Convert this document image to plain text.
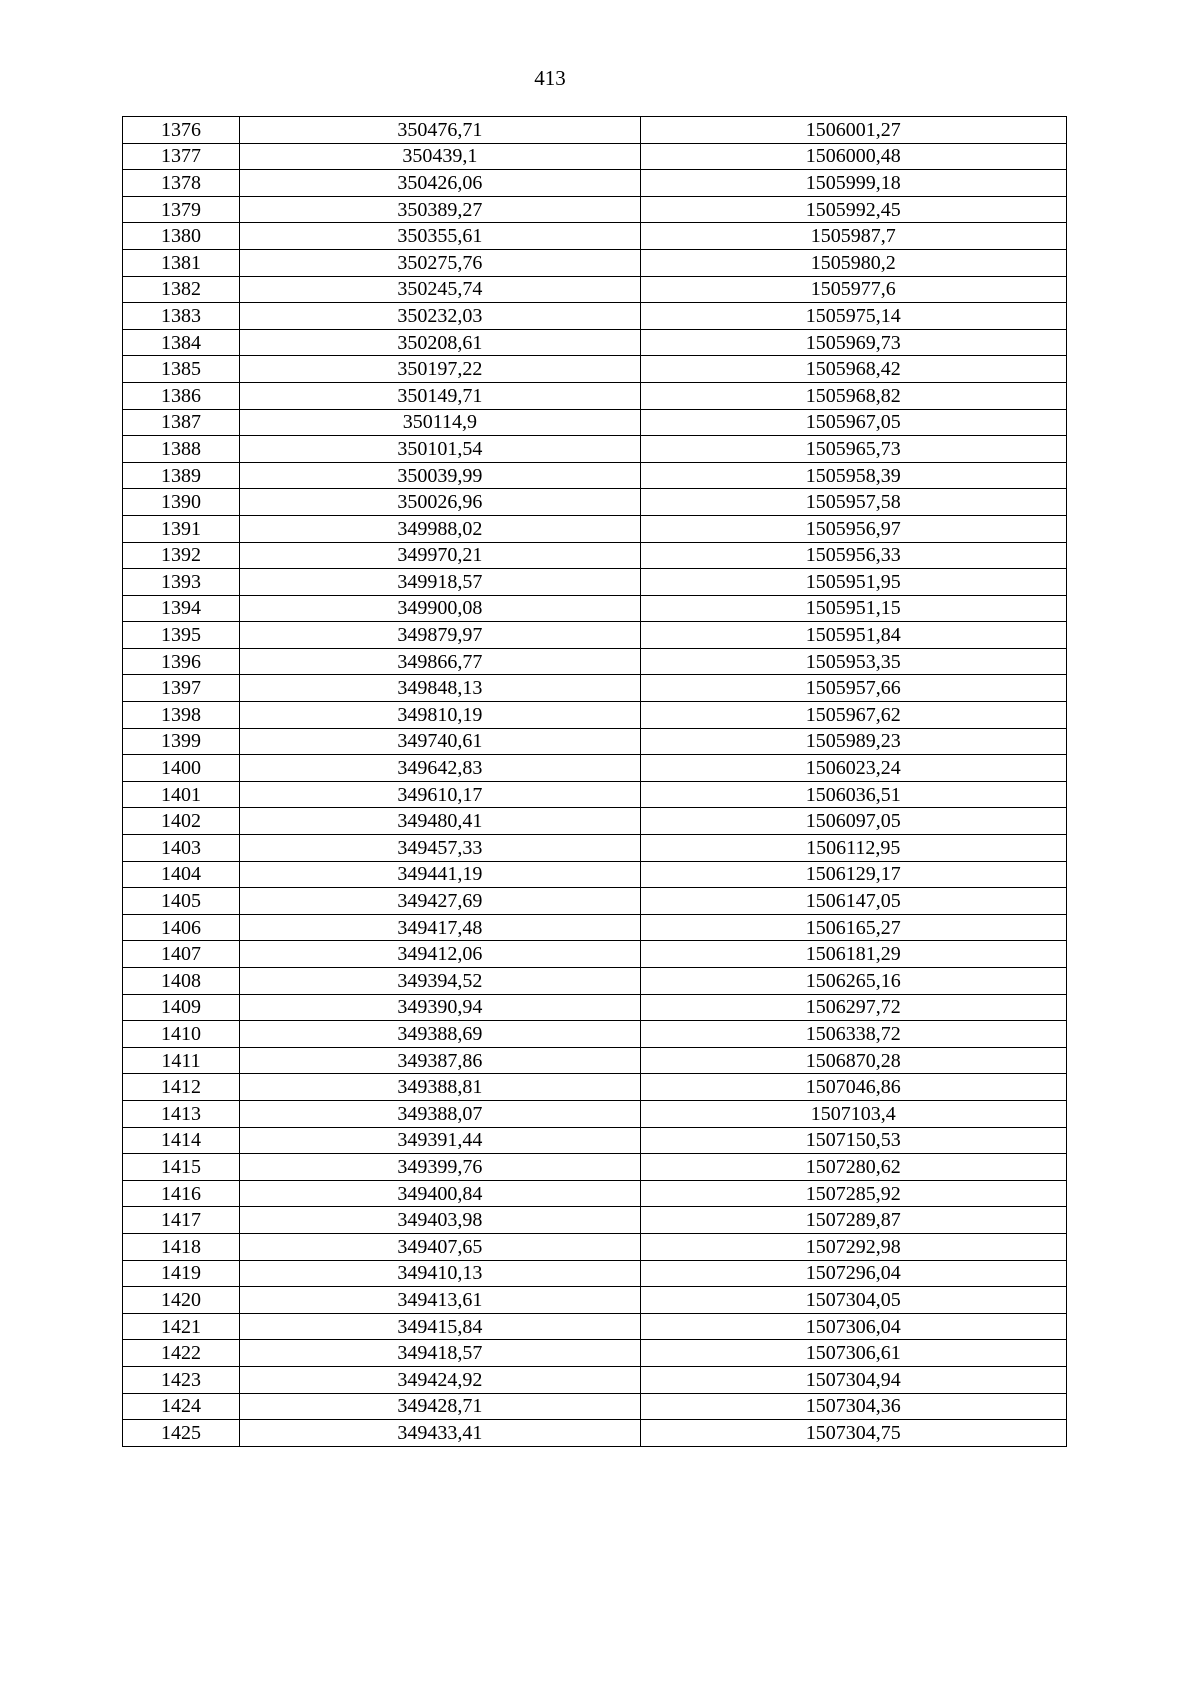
413
1376	350476,71	1506001,27
1377	350439,1	1506000,48
1378	350426,06	1505999,18
1379	350389,27	1505992,45
1380	350355,61	1505987,7
1381	350275,76	1505980,2
1382	350245,74	1505977,6
1383	350232,03	1505975,14
1384	350208,61	1505969,73
1385	350197,22	1505968,42
1386	350149,71	1505968,82
1387	350114,9	1505967,05
1388	350101,54	1505965,73
1389	350039,99	1505958,39
1390	350026,96	1505957,58
1391	349988,02	1505956,97
1392	349970,21	1505956,33
1393	349918,57	1505951,95
1394	349900,08	1505951,15
1395	349879,97	1505951,84
1396	349866,77	1505953,35
1397	349848,13	1505957,66
1398	349810,19	1505967,62
1399	349740,61	1505989,23
1400	349642,83	1506023,24
1401	349610,17	1506036,51
1402	349480,41	1506097,05
1403	349457,33	1506112,95
1404	349441,19	1506129,17
1405	349427,69	1506147,05
1406	349417,48	1506165,27
1407	349412,06	1506181,29
1408	349394,52	1506265,16
1409	349390,94	1506297,72
1410	349388,69	1506338,72
1411	349387,86	1506870,28
1412	349388,81	1507046,86
1413	349388,07	1507103,4
1414	349391,44	1507150,53
1415	349399,76	1507280,62
1416	349400,84	1507285,92
1417	349403,98	1507289,87
1418	349407,65	1507292,98
1419	349410,13	1507296,04
1420	349413,61	1507304,05
1421	349415,84	1507306,04
1422	349418,57	1507306,61
1423	349424,92	1507304,94
1424	349428,71	1507304,36
1425	349433,41	1507304,75
